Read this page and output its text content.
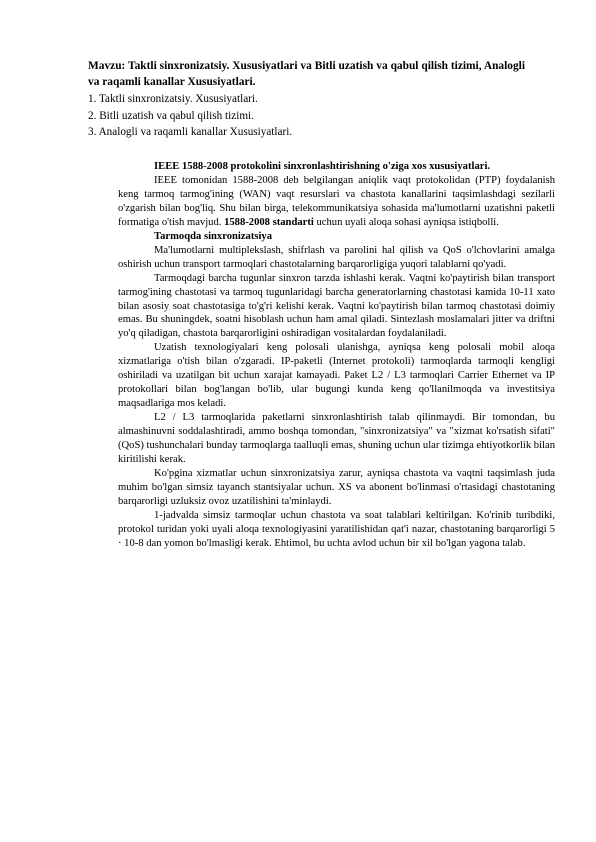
Mavzu: Taktli sinxronizatsiy. Xususiyatlari va Bitli uzatish va qabul qilish tizimi, Analogli va raqamli kanallar Xususiyatlari.

1. Taktli sinxronizatsiy. Xususiyatlari.
2. Bitli uzatish va qabul qilish tizimi.
3. Analogli va raqamli kanallar Xususiyatlari.
IEEE 1588-2008 protokolini sinxronlashtirishning o'ziga xos xususiyatlari.

IEEE tomonidan 1588-2008 deb belgilangan aniqlik vaqt protokolidan (PTP) foydalanish keng tarmoq tarmog'ining (WAN) vaqt resurslari va chastota kanallarini taqsimlashdagi sezilarli o'zgarish bilan bog'liq. Shu bilan birga, telekommunikatsiya sohasida ma'lumotlarni uzatishni paketli formatiga o'tish mavjud. 1588-2008 standarti uchun uyali aloqa sohasi ayniqsa istiqbolli.

Tarmoqda sinxronizatsiya

Ma'lumotlarni multiplekslash, shifrlash va parolini hal qilish va QoS o'lchovlarini amalga oshirish uchun transport tarmoqlari chastotalarning barqarorligiga yuqori talablarni qo'yadi.

Tarmoqdagi barcha tugunlar sinxron tarzda ishlashi kerak. Vaqtni ko'paytirish bilan transport tarmog'ining chastotasi va tarmoq tugunlaridagi barcha generatorlarning chastotasi kamida 10-11 xato bilan asosiy soat chastotasiga to'g'ri kelishi kerak. Vaqtni ko'paytirish bilan tarmoq chastotasi doimiy emas. Bu shuningdek, soatni hisoblash uchun ham amal qiladi. Sintezlash moslamalari jitter va driftni yo'q qiladigan, chastota barqarorligini oshiradigan vositalardan foydalaniladi.

Uzatish texnologiyalari keng polosali ulanishga, ayniqsa keng polosali mobil aloqa xizmatlariga o'tish bilan o'zgaradi. IP-paketli (Internet protokoli) tarmoqlarda tarmoqli kengligi oshiriladi va uzatilgan bit uchun xarajat kamayadi. Paket L2 / L3 tarmoqlari Carrier Ethernet va IP protokollari bilan bog'langan bo'lib, ular bugungi kunda keng qo'llanilmoqda va investitsiya maqsadlariga mos keladi.

L2 / L3 tarmoqlarida paketlarni sinxronlashtirish talab qilinmaydi. Bir tomondan, bu almashinuvni soddalashtiradi, ammo boshqa tomondan, "sinxronizatsiya" va "xizmat ko'rsatish sifati" (QoS) tushunchalari bunday tarmoqlarga taalluqli emas, shuning uchun ular tizimga ehtiyotkorlik bilan kiritilishi kerak.

Ko'pgina xizmatlar uchun sinxronizatsiya zarur, ayniqsa chastota va vaqtni taqsimlash juda muhim bo'lgan simsiz tayanch stantsiyalar uchun. XS va abonent bo'linmasi o'rtasidagi chastotaning barqarorligi uzluksiz ovoz uzatilishini ta'minlaydi.

1-jadvalda simsiz tarmoqlar uchun chastota va soat talablari keltirilgan. Ko'rinib turibdiki, protokol turidan yoki uyali aloqa texnologiyasini yaratilishidan qat'i nazar, chastotaning barqarorligi 5 · 10-8 dan yomon bo'lmasligi kerak. Ehtimol, bu uchta avlod uchun bir xil bo'lgan yagona talab.
